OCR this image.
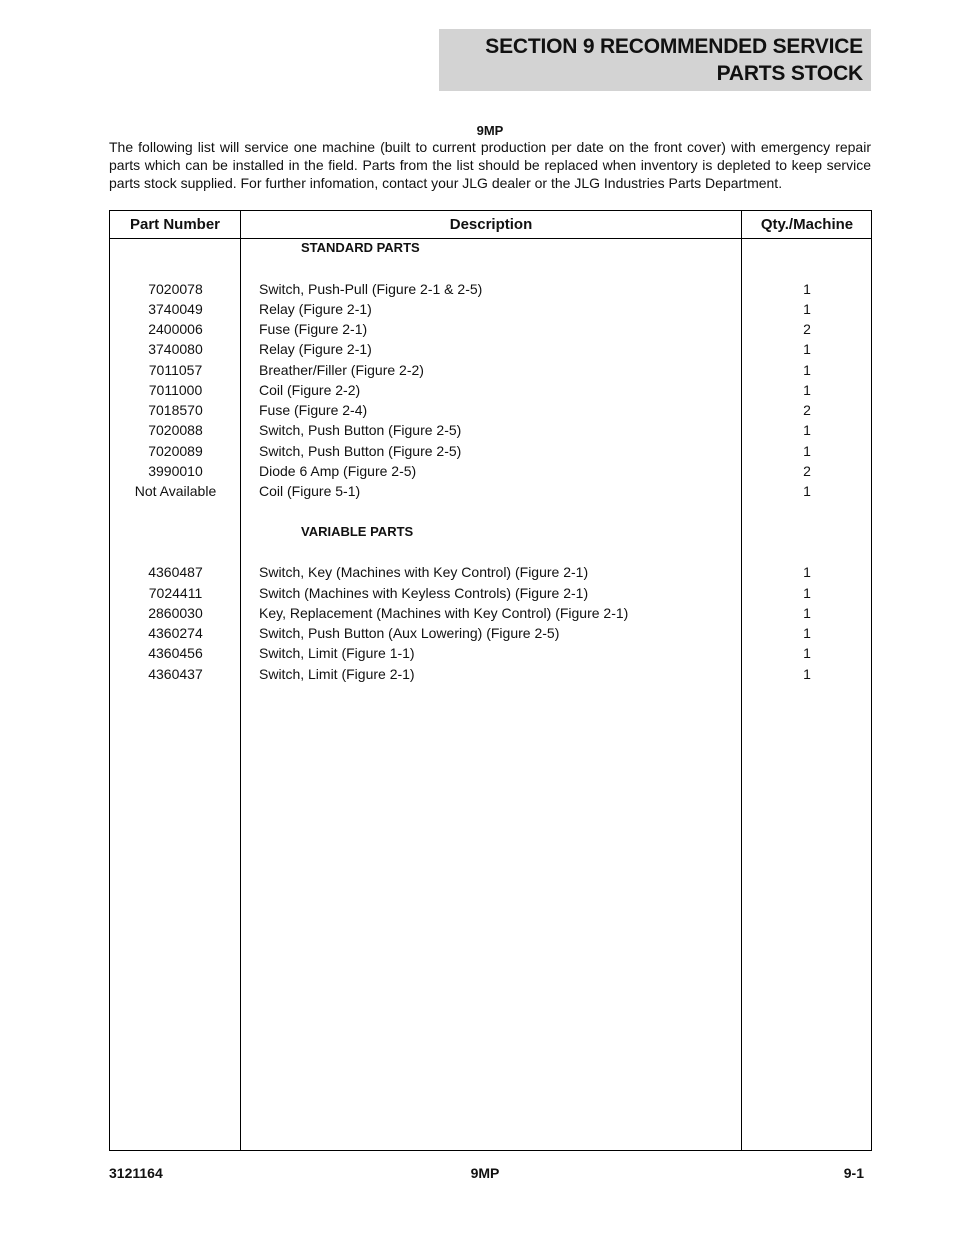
SECTION 9 RECOMMENDED SERVICE
PARTS STOCK
9MP
The following list will service one machine (built to current production per date on the front cover) with emergency repair parts which can be installed in the field. Parts from the list should be replaced when inventory is depleted to keep service parts stock supplied. For further infomation, contact your JLG dealer or the JLG Industries Parts Department.
Part Number	Description	Qty./Machine
STANDARD PARTS
7020078	Switch, Push-Pull (Figure 2-1 & 2-5)	1
3740049	Relay (Figure 2-1)	1
2400006	Fuse (Figure 2-1)	2
3740080	Relay (Figure 2-1)	1
7011057	Breather/Filler (Figure 2-2)	1
7011000	Coil (Figure 2-2)	1
7018570	Fuse (Figure 2-4)	2
7020088	Switch, Push Button (Figure 2-5)	1
7020089	Switch, Push Button (Figure 2-5)	1
3990010	Diode 6 Amp (Figure 2-5)	2
Not Available	Coil (Figure 5-1)	1
VARIABLE PARTS
4360487	Switch, Key (Machines with Key Control) (Figure 2-1)	1
7024411	Switch (Machines with Keyless Controls) (Figure 2-1)	1
2860030	Key, Replacement (Machines with Key Control) (Figure 2-1)	1
4360274	Switch, Push Button (Aux Lowering) (Figure 2-5)	1
4360456	Switch, Limit (Figure 1-1)	1
4360437	Switch, Limit (Figure 2-1)	1
3121164	9MP	9-1
